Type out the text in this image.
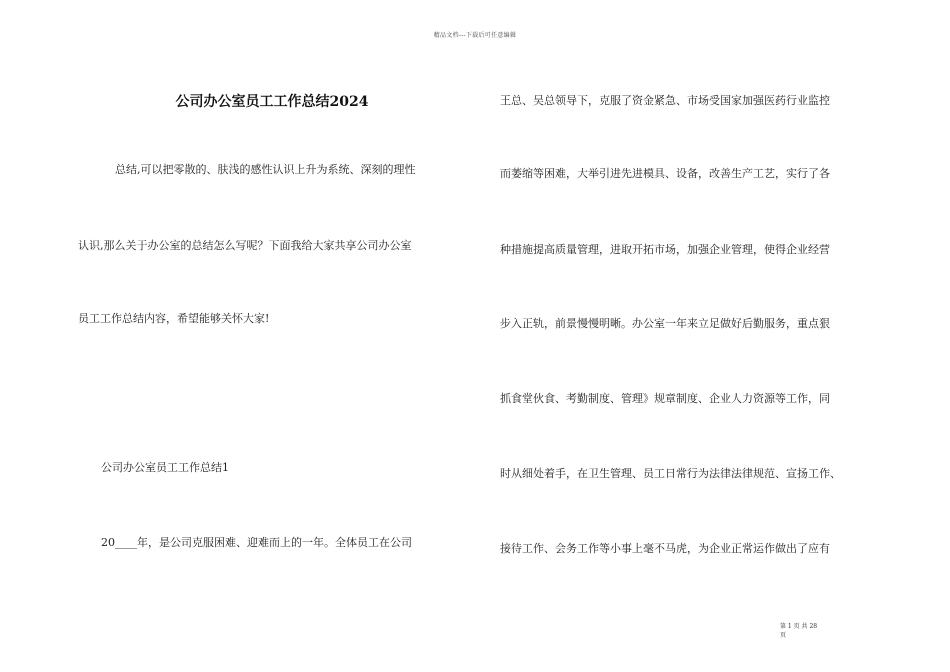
精品文档---下载后可任意编辑
公司办公室员工工作总结2024
总结,可以把零散的、肤浅的感性认识上升为系统、深刻的理性
认识,那么关于办公室的总结怎么写呢？下面我给大家共享公司办公室
员工工作总结内容，希望能够关怀大家!
公司办公室员工工作总结1
20____年，是公司克服困难、迎难而上的一年。全体员工在公司
王总、吴总领导下，克服了资金紧急、市场受国家加强医药行业监控
而萎缩等困难，大举引进先进模具、设备，改善生产工艺，实行了各
种措施提高质量管理，进取开拓市场，加强企业管理，使得企业经营
步入正轨，前景慢慢明晰。办公室一年来立足做好后勤服务，重点狠
抓食堂伙食、考勤制度、管理》规章制度、企业人力资源等工作，同
时从细处着手，在卫生管理、员工日常行为法律法律规范、宣扬工作、
接待工作、会务工作等小事上毫不马虎，为企业正常运作做出了应有
第 1 页 共 28
页
